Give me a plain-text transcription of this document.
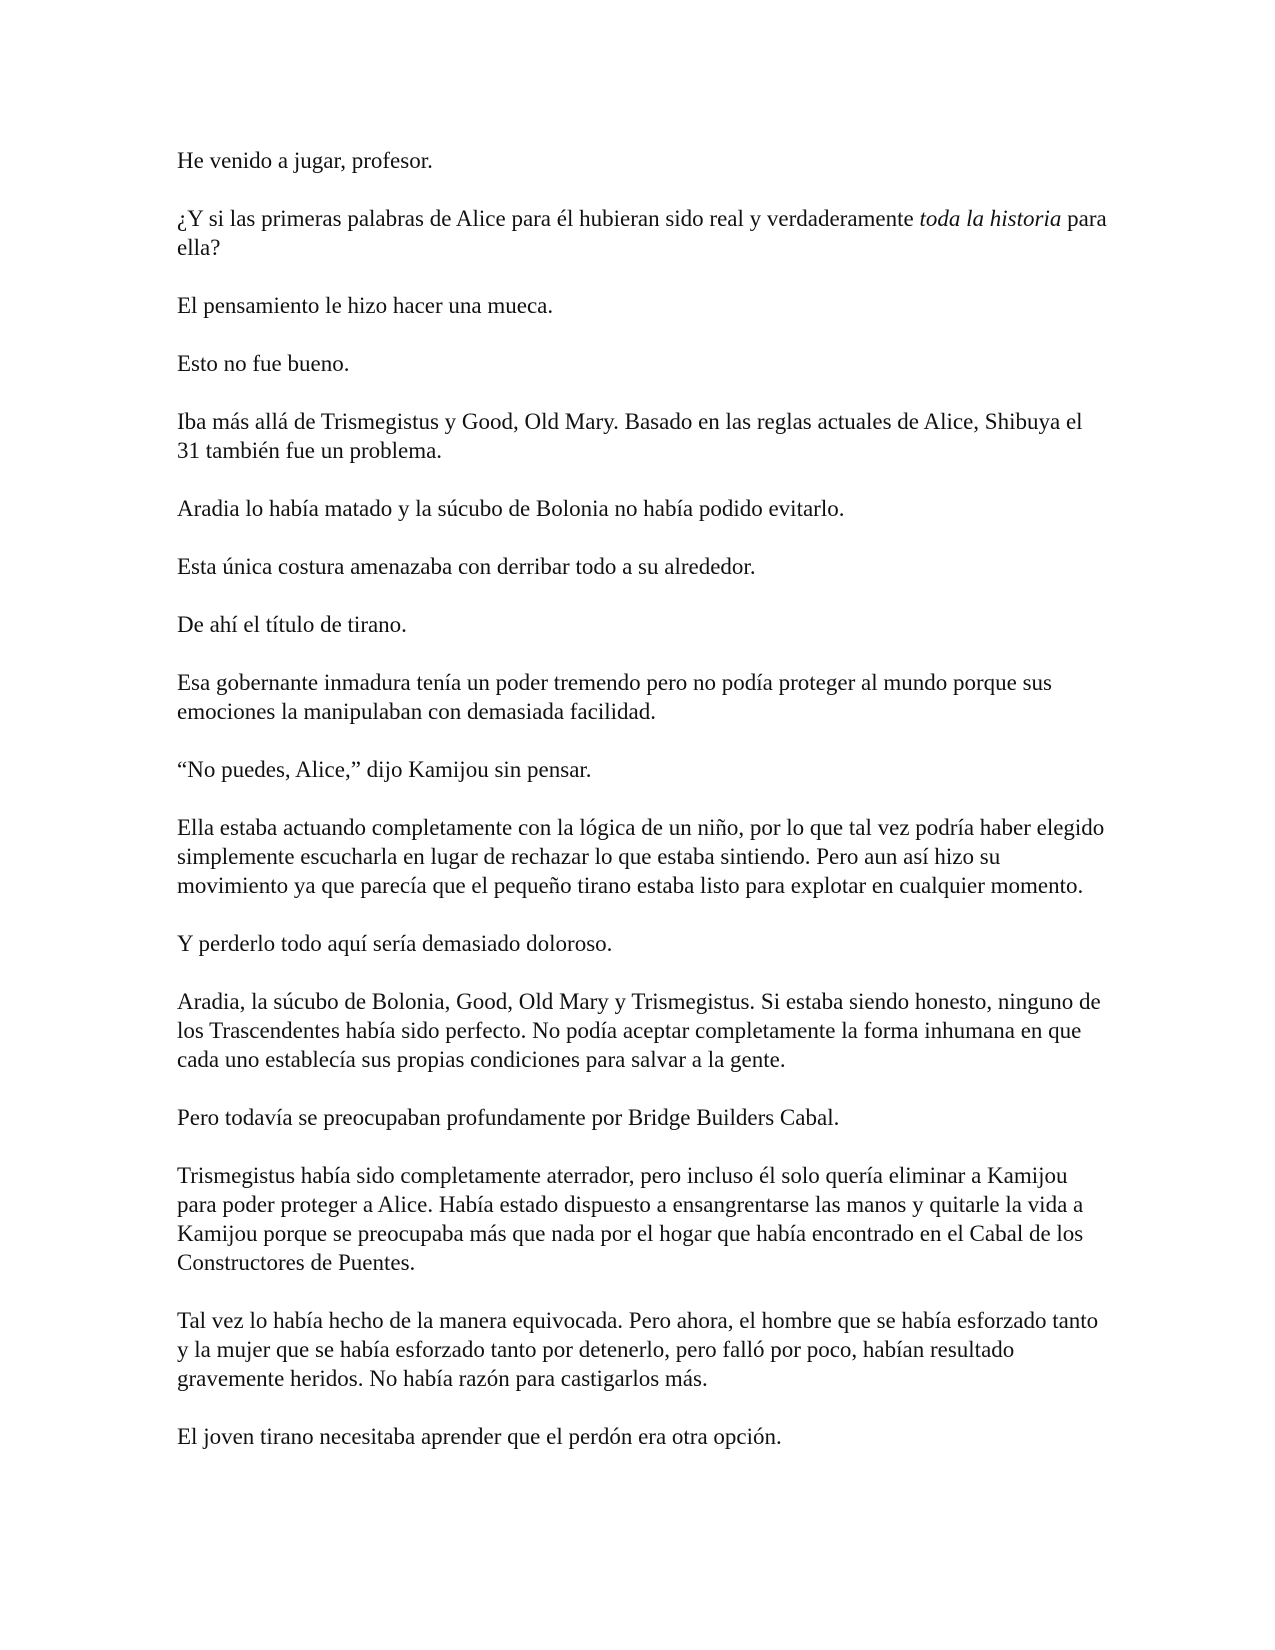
He venido a jugar, profesor.

¿Y si las primeras palabras de Alice para él hubieran sido real y verdaderamente toda la historia para ella?

El pensamiento le hizo hacer una mueca.

Esto no fue bueno.

Iba más allá de Trismegistus y Good, Old Mary. Basado en las reglas actuales de Alice, Shibuya el 31 también fue un problema.

Aradia lo había matado y la súcubo de Bolonia no había podido evitarlo.

Esta única costura amenazaba con derribar todo a su alrededor.

De ahí el título de tirano.

Esa gobernante inmadura tenía un poder tremendo pero no podía proteger al mundo porque sus emociones la manipulaban con demasiada facilidad.

“No puedes, Alice,” dijo Kamijou sin pensar.

Ella estaba actuando completamente con la lógica de un niño, por lo que tal vez podría haber elegido simplemente escucharla en lugar de rechazar lo que estaba sintiendo. Pero aun así hizo su movimiento ya que parecía que el pequeño tirano estaba listo para explotar en cualquier momento.

Y perderlo todo aquí sería demasiado doloroso.

Aradia, la súcubo de Bolonia, Good, Old Mary y Trismegistus. Si estaba siendo honesto, ninguno de los Trascendentes había sido perfecto. No podía aceptar completamente la forma inhumana en que cada uno establecía sus propias condiciones para salvar a la gente.

Pero todavía se preocupaban profundamente por Bridge Builders Cabal.

Trismegistus había sido completamente aterrador, pero incluso él solo quería eliminar a Kamijou para poder proteger a Alice. Había estado dispuesto a ensangrentarse las manos y quitarle la vida a Kamijou porque se preocupaba más que nada por el hogar que había encontrado en el Cabal de los Constructores de Puentes.

Tal vez lo había hecho de la manera equivocada. Pero ahora, el hombre que se había esforzado tanto y la mujer que se había esforzado tanto por detenerlo, pero falló por poco, habían resultado gravemente heridos. No había razón para castigarlos más.

El joven tirano necesitaba aprender que el perdón era otra opción.
